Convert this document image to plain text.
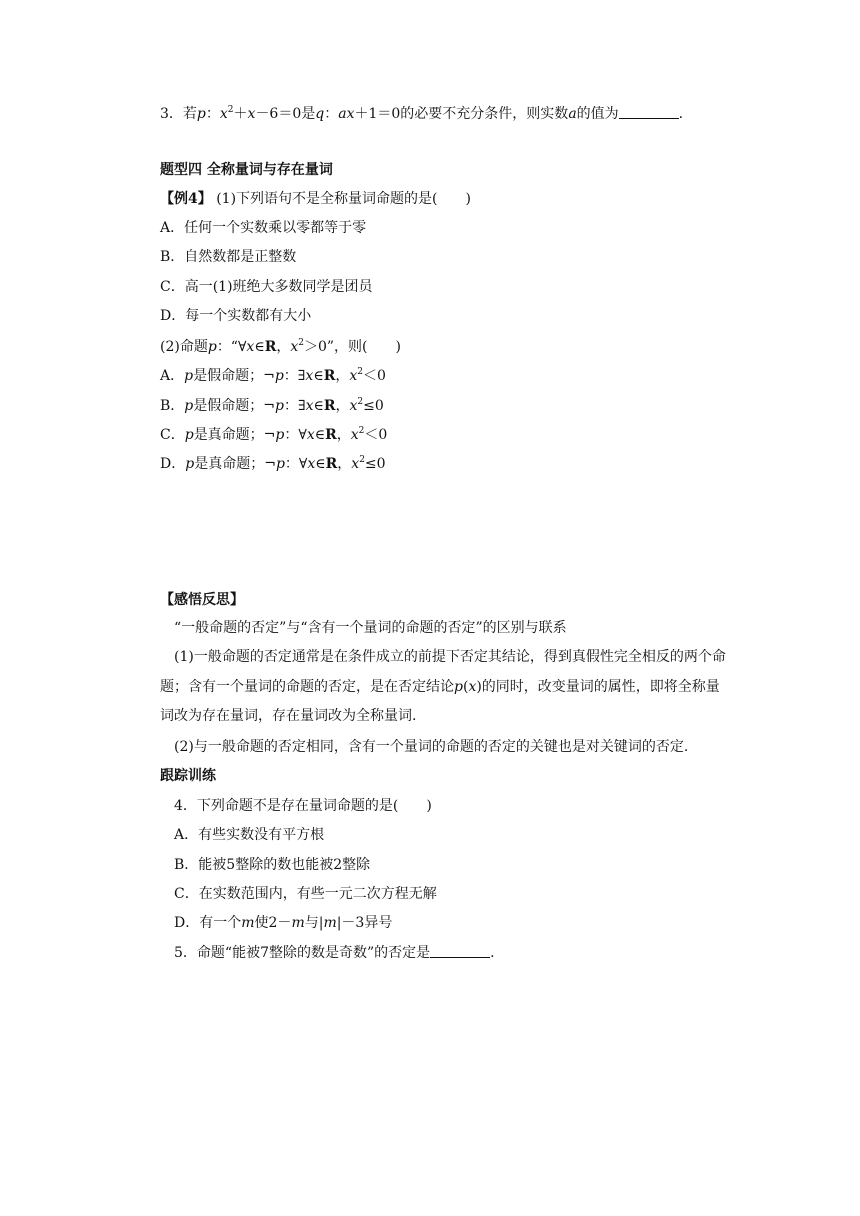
3．若p：$x^2+x-6=0$是q：ax＋1＝0的必要不充分条件，则实数a的值为	.
题型四 全称量词与存在量词
【例4】 (1)下列语句不是全称量词命题的是(　　)
A．任何一个实数乘以零都等于零
B．自然数都是正整数
C．高一(1)班绝大多数同学是团员
D．每一个实数都有大小
(2)命题p：“∀x∈R，$x^2>0$”，则(　　)
A．p是假命题；¬p：∃x∈R，$x^2<0$
B．p是假命题；¬p：∃x∈R，$x^2\le 0$
C．p是真命题；¬p：∀x∈R，$x^2<0$
D．p是真命题；¬p：∀x∈R，$x^2\le 0$
【感悟反思】
“一般命题的否定”与“含有一个量词的命题的否定”的区别与联系
(1)一般命题的否定通常是在条件成立的前提下否定其结论，得到真假性完全相反的两个命题；含有一个量词的命题的否定，是在否定结论p(x)的同时，改变量词的属性，即将全称量词改为存在量词，存在量词改为全称量词.
(2)与一般命题的否定相同，含有一个量词的命题的否定的关键也是对关键词的否定.
跟踪训练
4．下列命题不是存在量词命题的是(　　)
A．有些实数没有平方根
B．能被5整除的数也能被2整除
C．在实数范围内，有些一元二次方程无解
D．有一个m使2－m与|m|－3异号
5．命题“能被7整除的数是奇数”的否定是	.
